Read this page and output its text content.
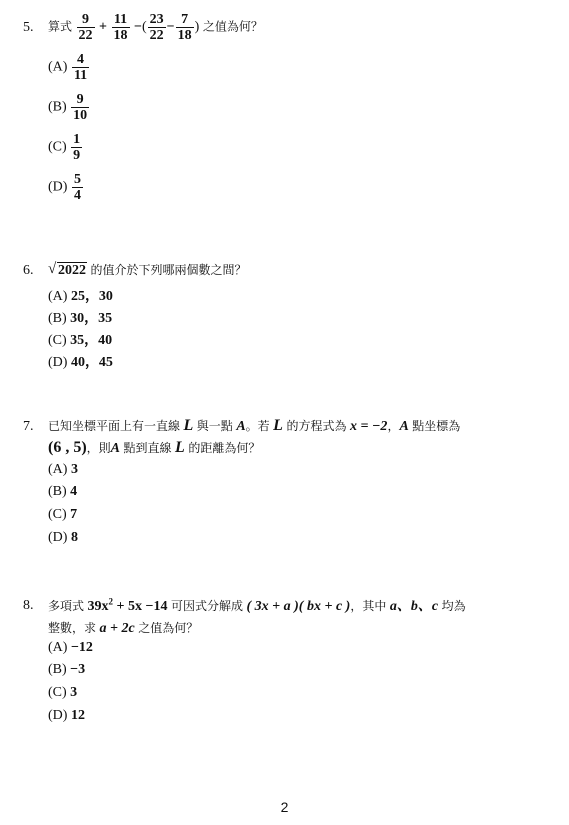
5. 算式 $\frac{9}{22} + \frac{11}{18}$ −( $\frac{23}{22} - \frac{7}{18}$ ) 之值為何？
$(A) \frac{4}{11}$
$(B) \frac{9}{10}$
$(C) \frac{1}{9}$
$(D) \frac{5}{4}$
6. √ 2022 的值介於下列哪兩個數之間？
(A) 25，30
(B) 30，35
(C) 35，40
(D) 40，45
7. 已知坐標平面上有一直線 L 與一點 A。若 L 的方程式為 x = −2，A 點坐標為
(6 , 5)，則A 點到直線 L 的距離為何？
(A) 3
(B) 4
(C) 7
(D) 8
8. 多項式 $39x^2 + 5x -14$ 可因式分解成 ( 3x + a )( bx + c )，其中 a、b、c 均為
整數，求 a + 2c 之值為何？
(A) −12
(B) −3
(C) 3
(D) 12
2
